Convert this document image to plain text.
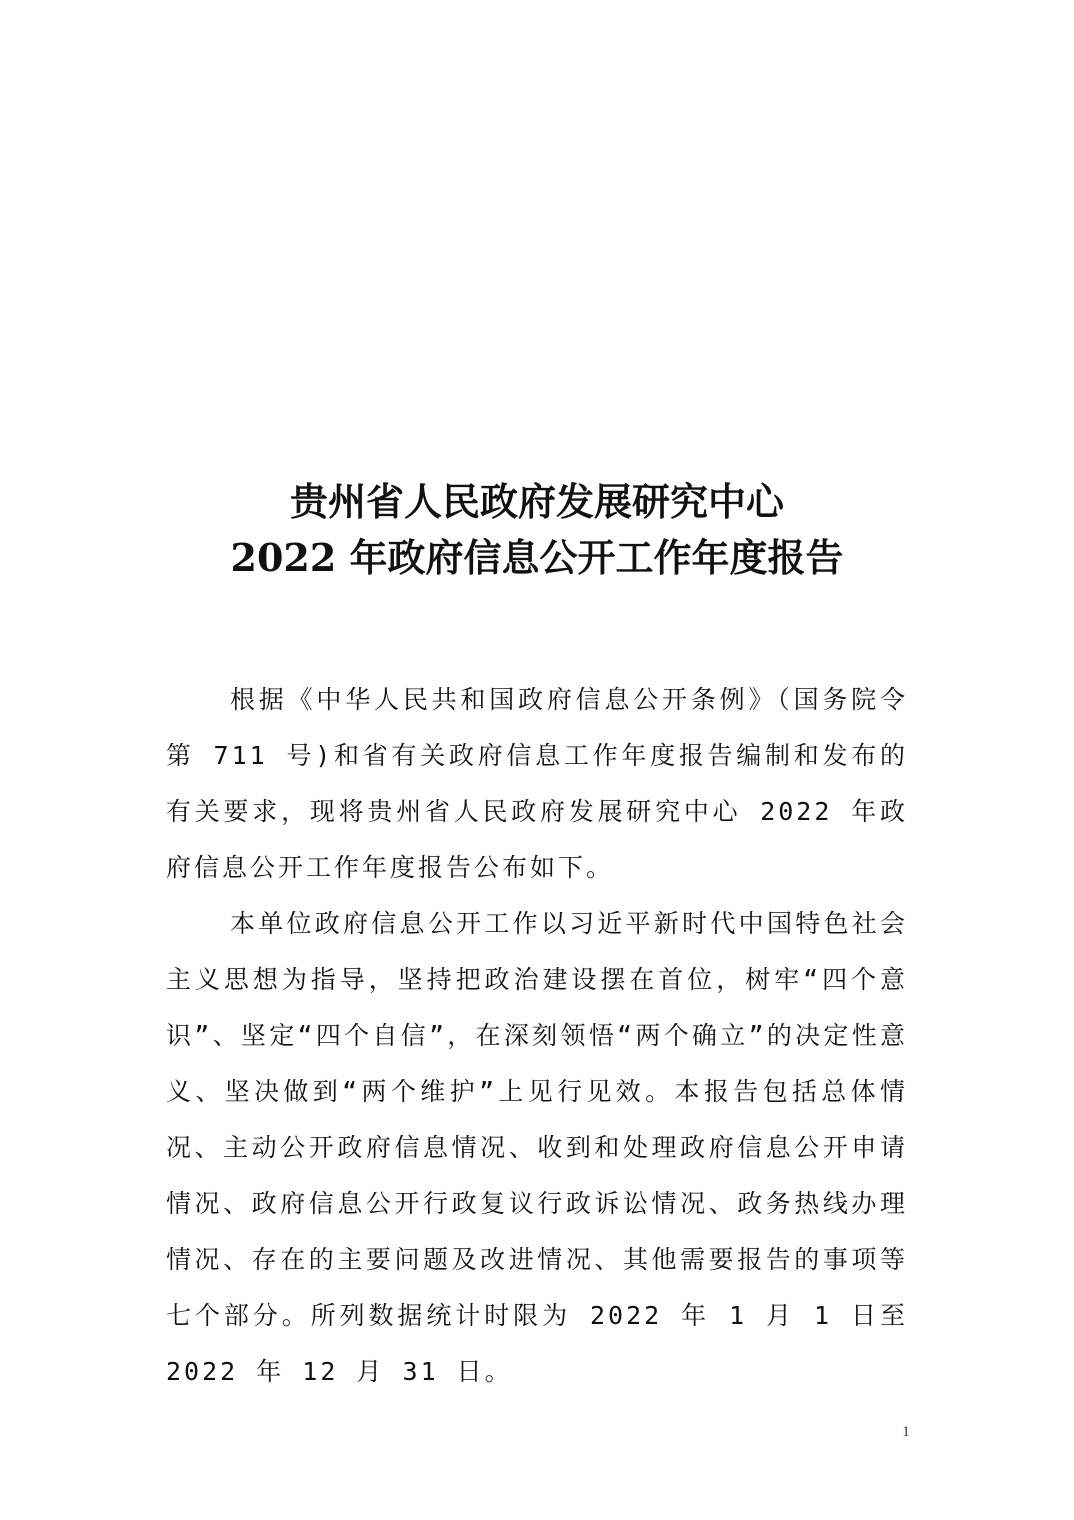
贵州省人民政府发展研究中心
2022 年政府信息公开工作年度报告

根据《中华人民共和国政府信息公开条例》（国务院令第 711 号)和省有关政府信息工作年度报告编制和发布的有关要求，现将贵州省人民政府发展研究中心 2022 年政府信息公开工作年度报告公布如下。

本单位政府信息公开工作以习近平新时代中国特色社会主义思想为指导，坚持把政治建设摆在首位，树牢“四个意识”、坚定“四个自信”，在深刻领悟“两个确立”的决定性意义、坚决做到“两个维护”上见行见效。本报告包括总体情况、主动公开政府信息情况、收到和处理政府信息公开申请情况、政府信息公开行政复议行政诉讼情况、政务热线办理情况、存在的主要问题及改进情况、其他需要报告的事项等七个部分。所列数据统计时限为 2022 年 1 月 1 日至 2022 年 12 月 31 日。

1
